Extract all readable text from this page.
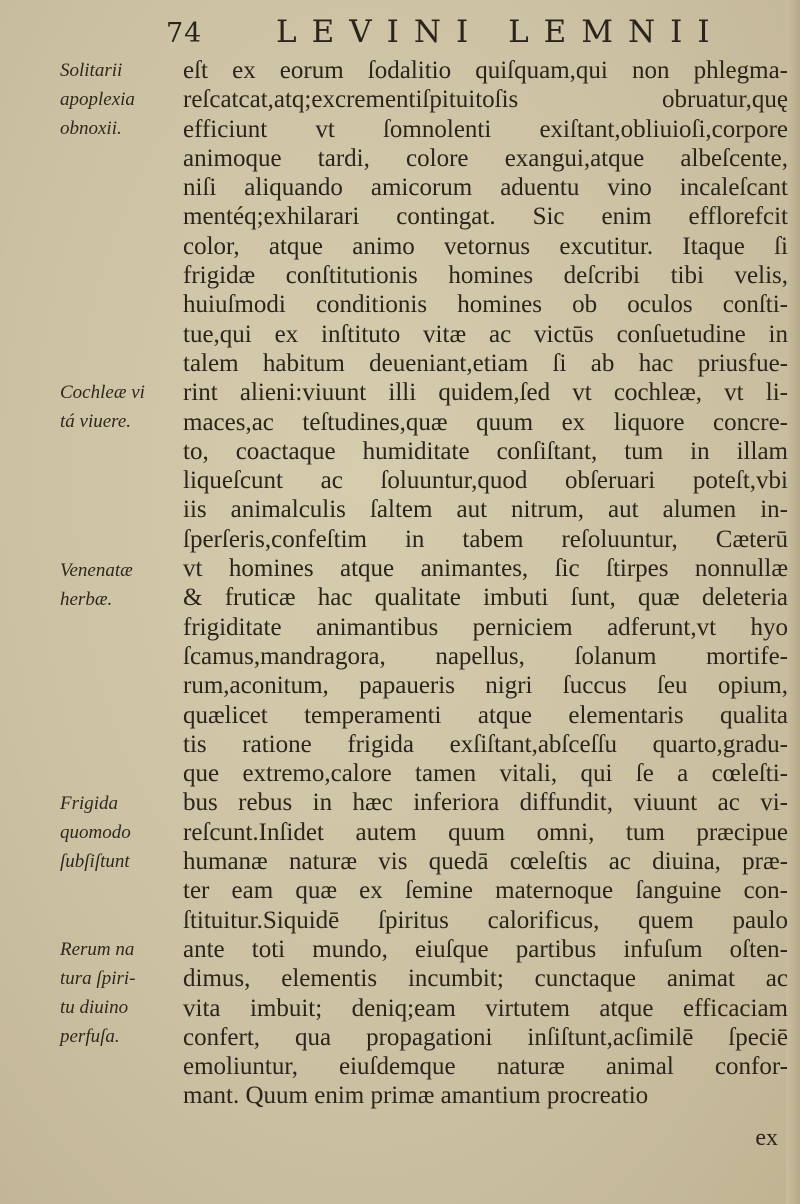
74 LEVINI LEMNII
Solitarii
apoplexia
obnoxii.
Cochleæ vi
tá viuere.
Venenatæ
herbæ.
Frigida
quomodo
ſubſiſtunt
Rerum na
tura ſpiri-
tu diuino
perfuſa.
eſt ex eorum ſodalitio quiſquam,qui non phlegma-
reſcatcat,atq;excrementiſpituitoſis obruatur,quę
efficiunt vt ſomnolenti exiſtant,obliuioſi,corpore
animoque tardi, colore exangui,atque albeſcente,
niſi aliquando amicorum aduentu vino incaleſcant
mentéq;exhilarari contingat. Sic enim efflorefcit
color, atque animo vetornus excutitur. Itaque ſi
frigidæ conſtitutionis homines deſcribi tibi velis,
huiuſmodi conditionis homines ob oculos conſti-
tue,qui ex inſtituto vitæ ac victūs conſuetudine in
talem habitum deueniant,etiam ſi ab hac priusfue-
rint alieni:viuunt illi quidem,ſed vt cochleæ, vt li-
maces,ac teſtudines,quæ quum ex liquore concre-
to, coactaque humiditate conſiſtant, tum in illam
liqueſcunt ac ſoluuntur,quod obſeruari poteſt,vbi
iis animalculis ſaltem aut nitrum, aut alumen in-
ſperſeris,confeſtim in tabem reſoluuntur, Cæterū
vt homines atque animantes, ſic ſtirpes nonnullæ
& fruticæ hac qualitate imbuti ſunt, quæ deleteria
frigiditate animantibus perniciem adferunt,vt hyo
ſcamus,mandragora, napellus, ſolanum mortife-
rum,aconitum, papaueris nigri ſuccus ſeu opium,
quælicet temperamenti atque elementaris qualita
tis ratione frigida exſiſtant,abſceſſu quarto,gradu-
que extremo,calore tamen vitali, qui ſe a cœleſti-
bus rebus in hæc inferiora diffundit, viuunt ac vi-
reſcunt.Inſidet autem quum omni, tum præcipue
humanæ naturæ vis quedā cœleſtis ac diuina, præ-
ter eam quæ ex ſemine maternoque ſanguine con-
ſtituitur.Siquidē ſpiritus calorificus, quem paulo
ante toti mundo, eiuſque partibus infuſum oſten-
dimus, elementis incumbit; cunctaque animat ac
vita imbuit; deniq;eam virtutem atque efficaciam
confert, qua propagationi inſiſtunt,acſimilē ſpeciē
emoliuntur, eiuſdemque naturæ animal confor-
mant. Quum enim primæ amantium procreatio
ex
